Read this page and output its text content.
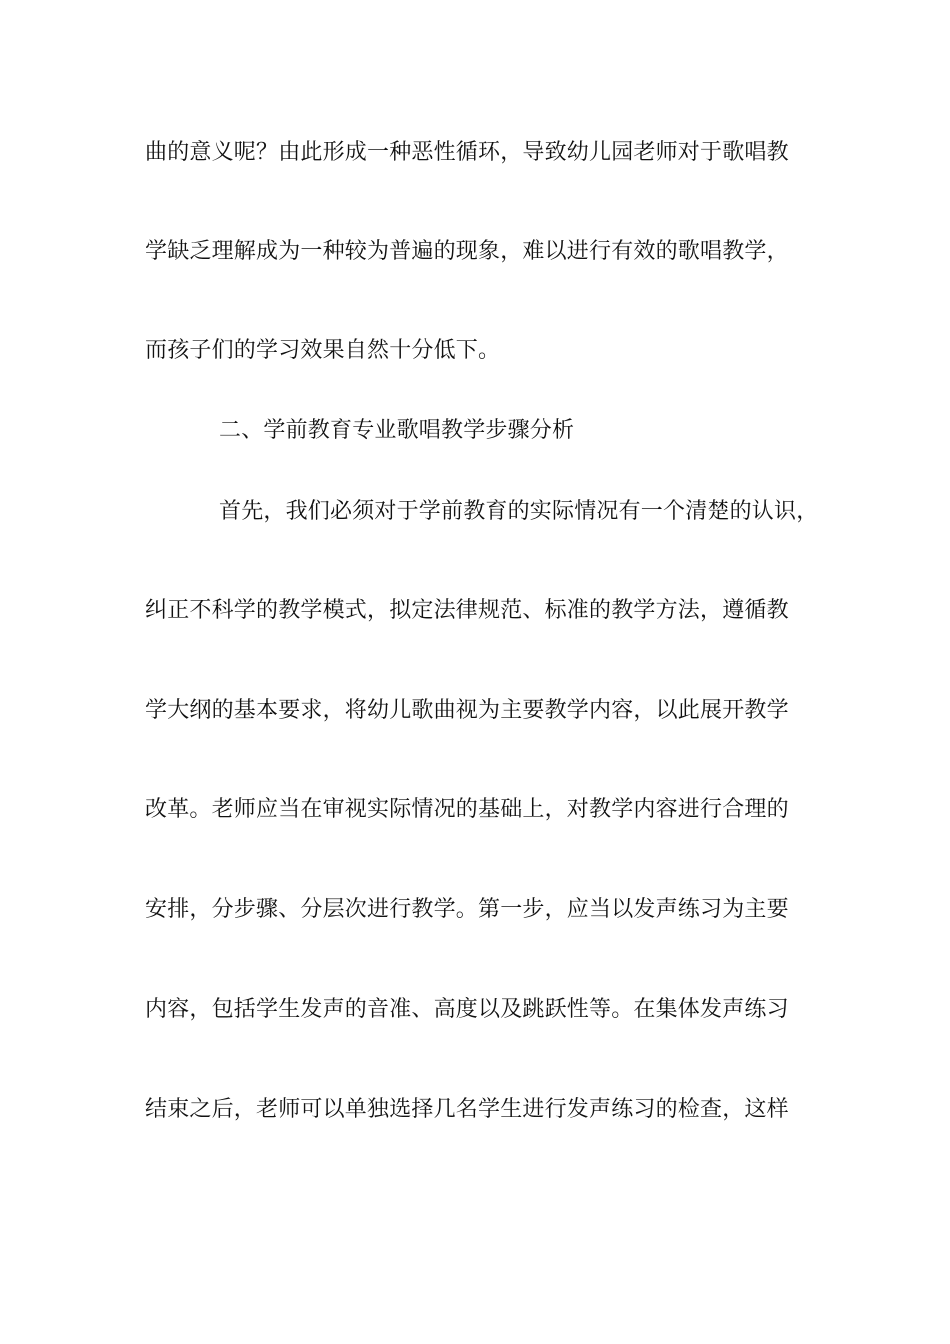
曲的意义呢？由此形成一种恶性循环，导致幼儿园老师对于歌唱教
学缺乏理解成为一种较为普遍的现象，难以进行有效的歌唱教学，
而孩子们的学习效果自然十分低下。
二、学前教育专业歌唱教学步骤分析
首先，我们必须对于学前教育的实际情况有一个清楚的认识，
纠正不科学的教学模式，拟定法律规范、标准的教学方法，遵循教
学大纲的基本要求，将幼儿歌曲视为主要教学内容，以此展开教学
改革。老师应当在审视实际情况的基础上，对教学内容进行合理的
安排，分步骤、分层次进行教学。第一步，应当以发声练习为主要
内容，包括学生发声的音准、高度以及跳跃性等。在集体发声练习
结束之后，老师可以单独选择几名学生进行发声练习的检查，这样
